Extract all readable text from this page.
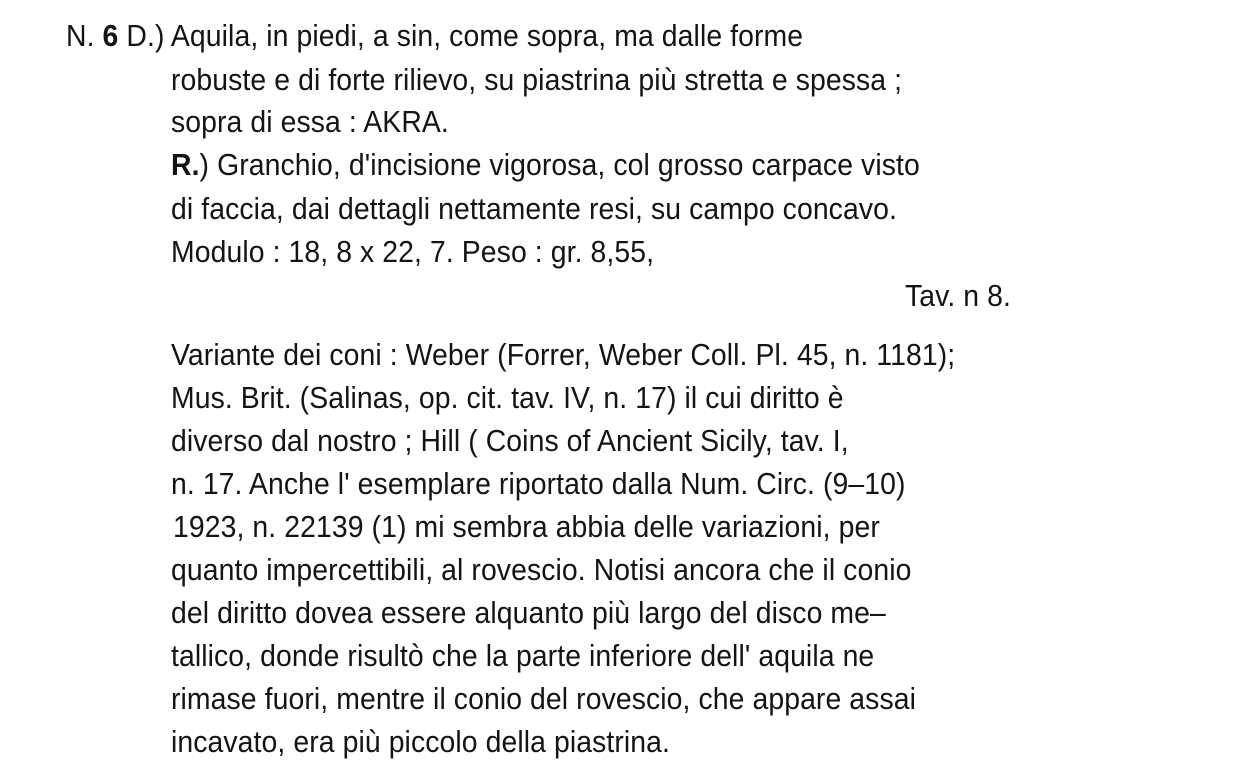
N. 6 D.) Aquila, in piedi, a sin, come sopra, ma dalle forme
robuste e di forte rilievo, su piastrina più stretta e spessa ;
sopra di essa : AKRA.
R.) Granchio, d'incisione vigorosa, col grosso carpace visto
di faccia, dai dettagli nettamente resi, su campo concavo.
Modulo : 18, 8 x 22, 7. Peso : gr. 8,55,
Tav. n 8.
Variante dei coni : Weber (Forrer, Weber Coll. Pl. 45, n. 1181);
Mus. Brit. (Salinas, op. cit. tav. IV, n. 17) il cui diritto è
diverso dal nostro ; Hill ( Coins of Ancient Sicily, tav. I,
n. 17. Anche l' esemplare riportato dalla Num. Circ. (9–10)
1923, n. 22139 (1) mi sembra abbia delle variazioni, per
quanto impercettibili, al rovescio. Notisi ancora che il conio
del diritto dovea essere alquanto più largo del disco me–
tallico, donde risultò che la parte inferiore dell' aquila ne
rimase fuori, mentre il conio del rovescio, che appare assai
incavato, era più piccolo della piastrina.
